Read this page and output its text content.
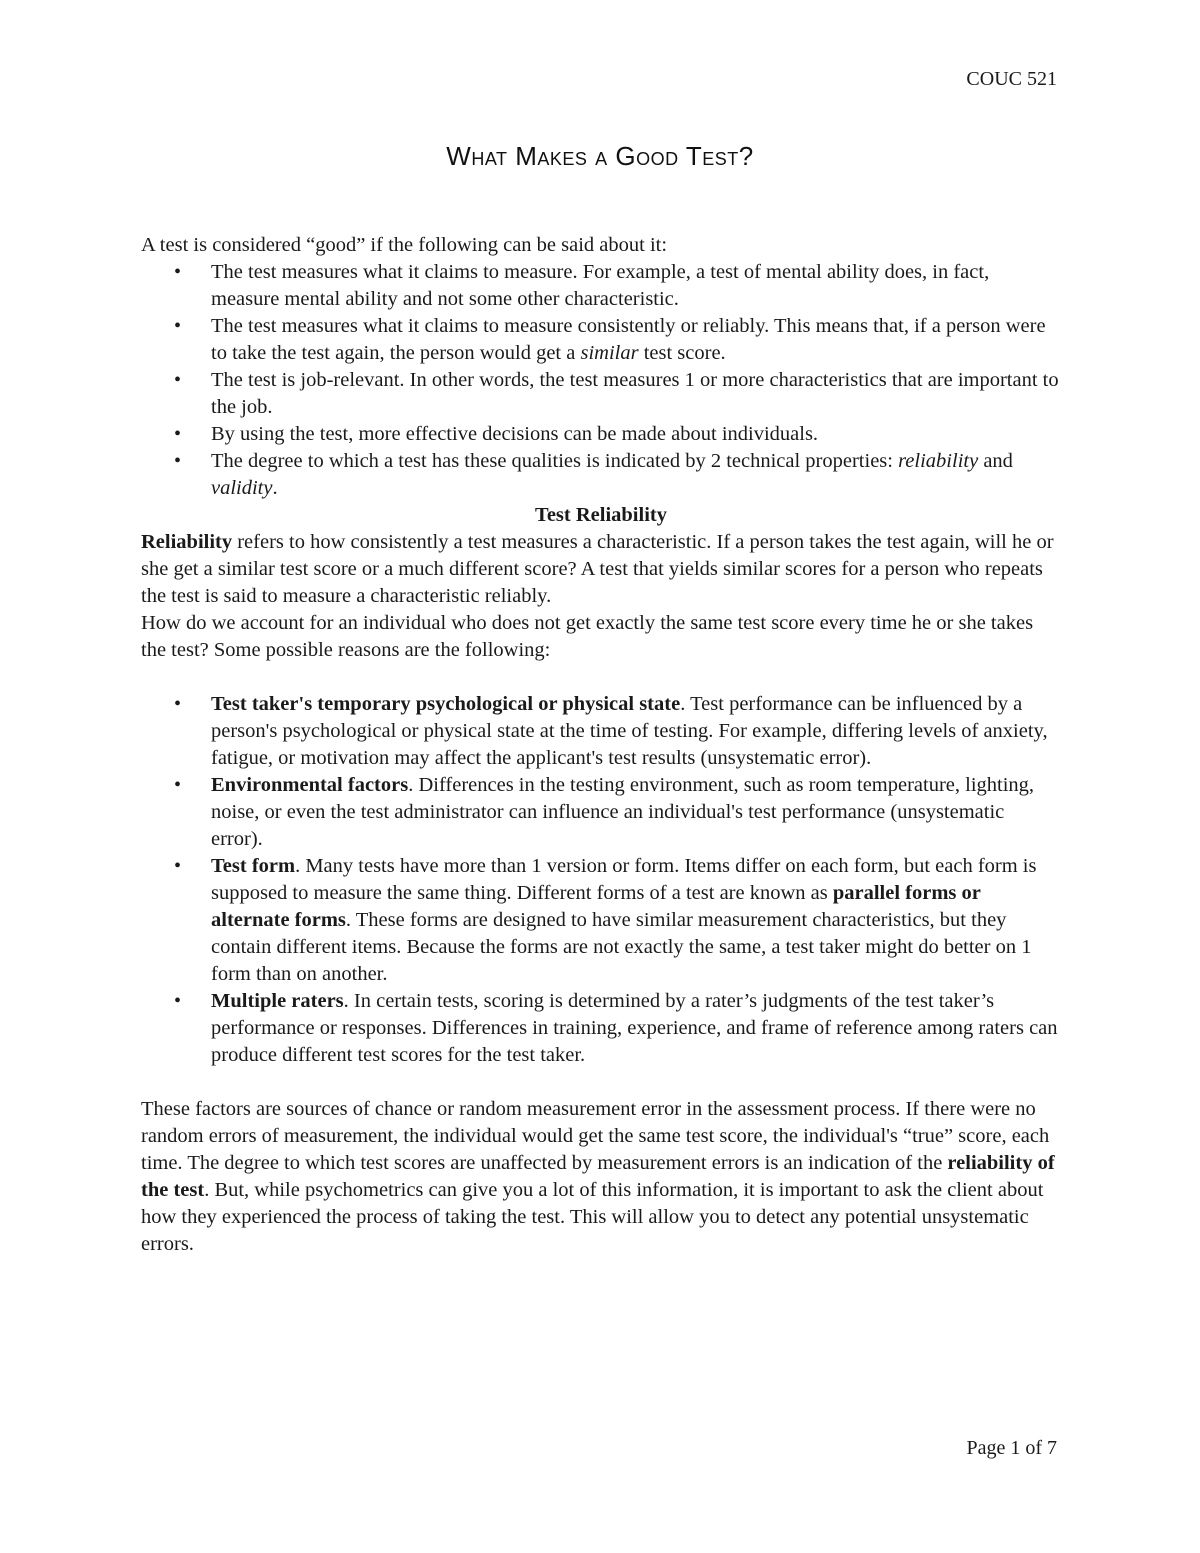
COUC 521
What Makes a Good Test?

A test is considered “good” if the following can be said about it:

• The test measures what it claims to measure. For example, a test of mental ability does, in fact, measure mental ability and not some other characteristic.
• The test measures what it claims to measure consistently or reliably. This means that, if a person were to take the test again, the person would get a similar test score.
• The test is job-relevant. In other words, the test measures 1 or more characteristics that are important to the job.
• By using the test, more effective decisions can be made about individuals.
• The degree to which a test has these qualities is indicated by 2 technical properties: reliability and validity.

Test Reliability

Reliability refers to how consistently a test measures a characteristic. If a person takes the test again, will he or she get a similar test score or a much different score? A test that yields similar scores for a person who repeats the test is said to measure a characteristic reliably.

How do we account for an individual who does not get exactly the same test score every time he or she takes the test? Some possible reasons are the following:

• Test taker's temporary psychological or physical state. Test performance can be influenced by a person's psychological or physical state at the time of testing. For example, differing levels of anxiety, fatigue, or motivation may affect the applicant's test results (unsystematic error).
• Environmental factors. Differences in the testing environment, such as room temperature, lighting, noise, or even the test administrator can influence an individual's test performance (unsystematic error).
• Test form. Many tests have more than 1 version or form. Items differ on each form, but each form is supposed to measure the same thing. Different forms of a test are known as parallel forms or alternate forms. These forms are designed to have similar measurement characteristics, but they contain different items. Because the forms are not exactly the same, a test taker might do better on 1 form than on another.
• Multiple raters. In certain tests, scoring is determined by a rater’s judgments of the test taker’s performance or responses. Differences in training, experience, and frame of reference among raters can produce different test scores for the test taker.

These factors are sources of chance or random measurement error in the assessment process. If there were no random errors of measurement, the individual would get the same test score, the individual's “true” score, each time. The degree to which test scores are unaffected by measurement errors is an indication of the reliability of the test. But, while psychometrics can give you a lot of this information, it is important to ask the client about how they experienced the process of taking the test. This will allow you to detect any potential unsystematic errors.

Page 1 of 7
